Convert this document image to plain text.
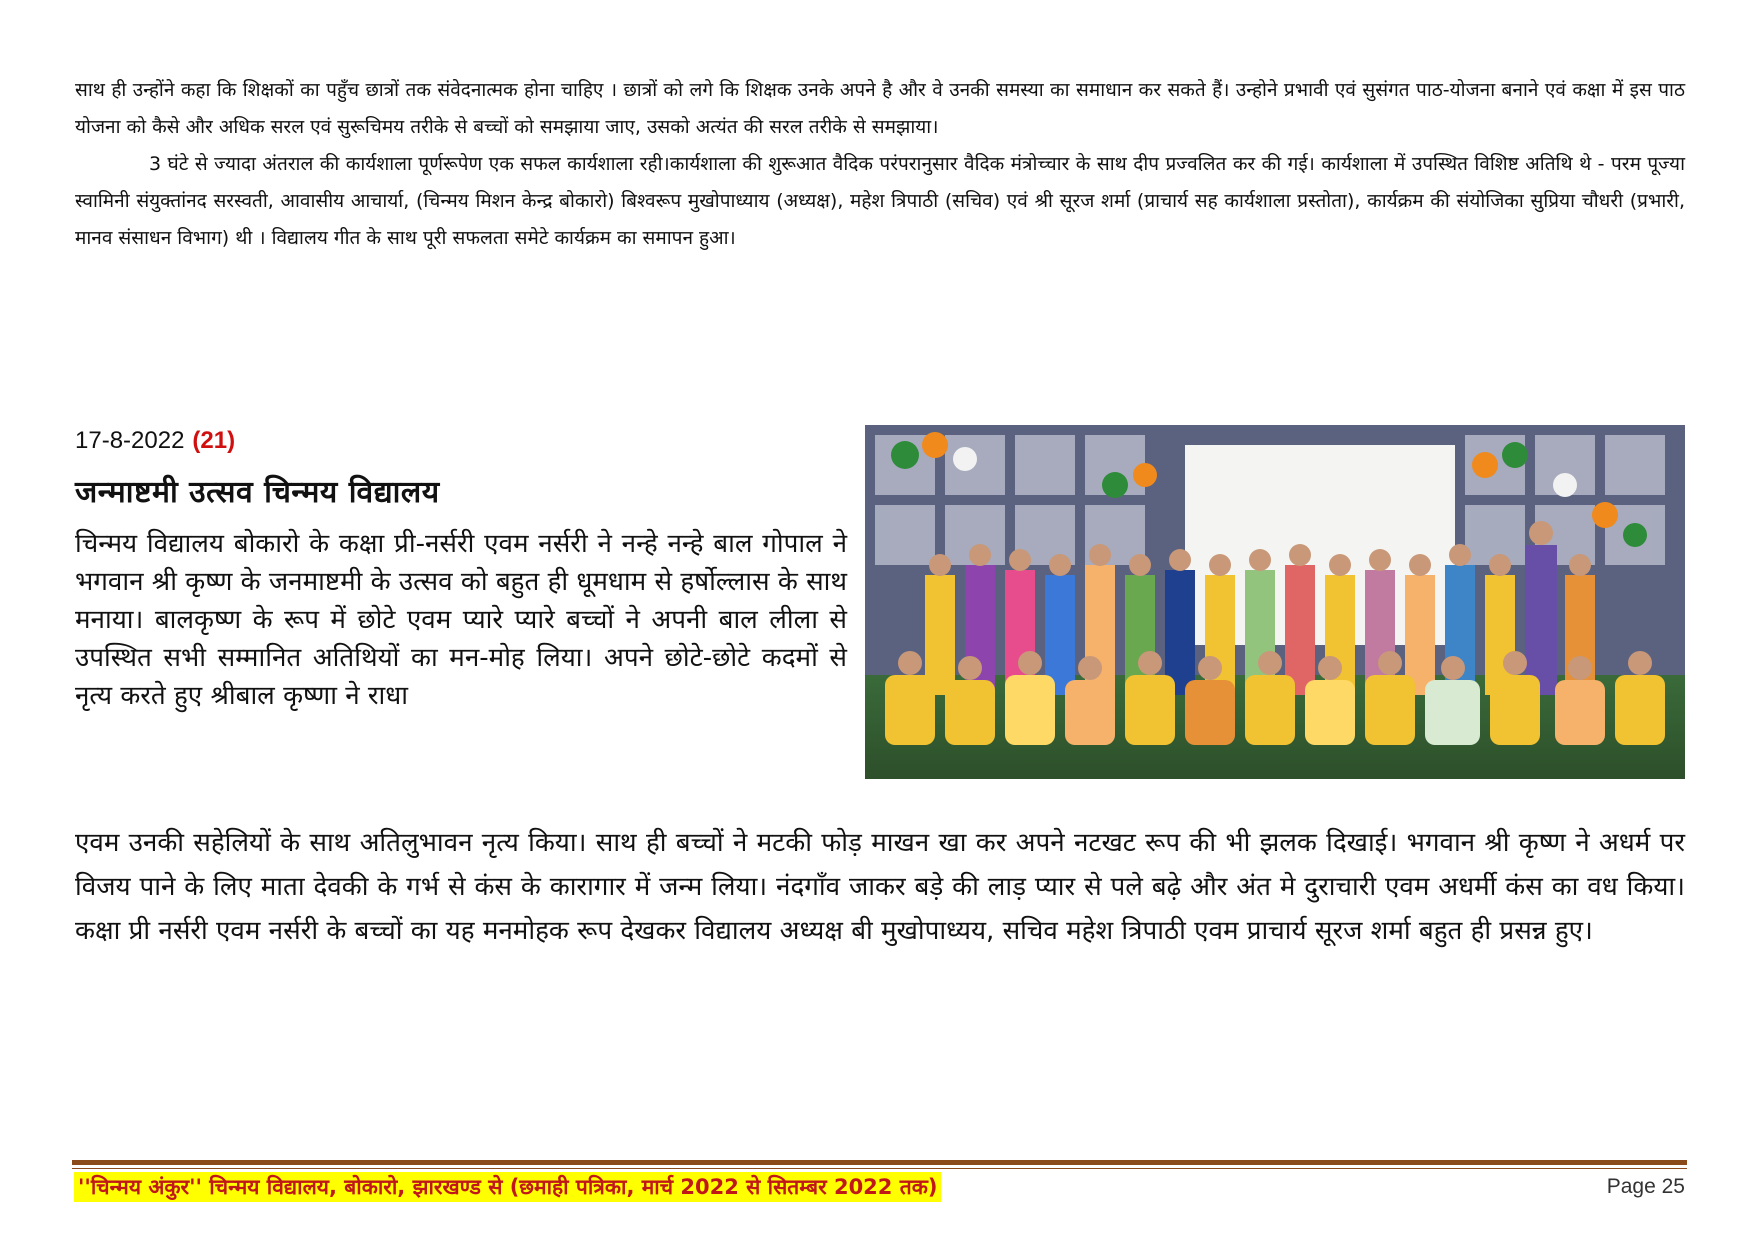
साथ ही उन्होंने कहा कि शिक्षकों का पहुँच छात्रों तक संवेदनात्मक होना चाहिए । छात्रों को लगे कि शिक्षक उनके अपने है और वे उनकी समस्या का समाधान कर सकते हैं। उन्होने प्रभावी एवं सुसंगत पाठ-योजना बनाने एवं कक्षा में इस पाठ योजना को कैसे और अधिक सरल एवं सुरूचिमय तरीके से बच्चों को समझाया जाए, उसको अत्यंत की सरल तरीके से समझाया।

3 घंटे से ज्यादा अंतराल की कार्यशाला पूर्णरूपेण एक सफल कार्यशाला रही।कार्यशाला की शुरूआत वैदिक परंपरानुसार वैदिक मंत्रोच्चार के साथ दीप प्रज्वलित कर की गई। कार्यशाला में उपस्थित विशिष्ट अतिथि थे - परम पूज्या स्वामिनी संयुक्तांनद सरस्वती, आवासीय आचार्या, (चिन्मय मिशन केन्द्र बोकारो) बिश्वरूप मुखोपाध्याय (अध्यक्ष), महेश त्रिपाठी (सचिव) एवं श्री सूरज शर्मा (प्राचार्य सह कार्यशाला प्रस्तोता), कार्यक्रम की संयोजिका सुप्रिया चौधरी (प्रभारी, मानव संसाधन विभाग) थी । विद्यालय गीत के साथ पूरी सफलता समेटे कार्यक्रम का समापन हुआ।

17-8-2022 (21)
जन्माष्टमी उत्सव चिन्मय विद्यालय

चिन्मय विद्यालय बोकारो के कक्षा प्री-नर्सरी एवम नर्सरी ने नन्हे नन्हे बाल गोपाल ने भगवान श्री कृष्ण के जनमाष्टमी के उत्सव को बहुत ही धूमधाम से हर्षोल्लास के साथ मनाया। बालकृष्ण के रूप में छोटे एवम प्यारे प्यारे बच्चों ने अपनी बाल लीला से उपस्थित सभी सम्मानित अतिथियों का मन-मोह लिया। अपने छोटे-छोटे कदमों से नृत्य करते हुए श्रीबाल कृष्णा ने राधा

एवम उनकी सहेलियों के साथ अतिलुभावन नृत्य किया। साथ ही बच्चों ने मटकी फोड़ माखन खा कर अपने नटखट रूप की भी झलक दिखाई। भगवान श्री कृष्ण ने अधर्म पर विजय पाने के लिए माता देवकी के गर्भ से कंस के कारागार में जन्म लिया। नंदगाँव जाकर बड़े की लाड़ प्यार से पले बढ़े और अंत मे दुराचारी एवम अधर्मी कंस का वध किया। कक्षा प्री नर्सरी एवम नर्सरी के बच्चों का यह मनमोहक रूप देखकर विद्यालय अध्यक्ष बी मुखोपाध्यय, सचिव महेश त्रिपाठी एवम प्राचार्य सूरज शर्मा बहुत ही प्रसन्न हुए।

''चिन्मय अंकुर'' चिन्मय विद्यालय, बोकारो, झारखण्ड से (छमाही पत्रिका, मार्च 2022 से सितम्बर 2022 तक)	Page 25
